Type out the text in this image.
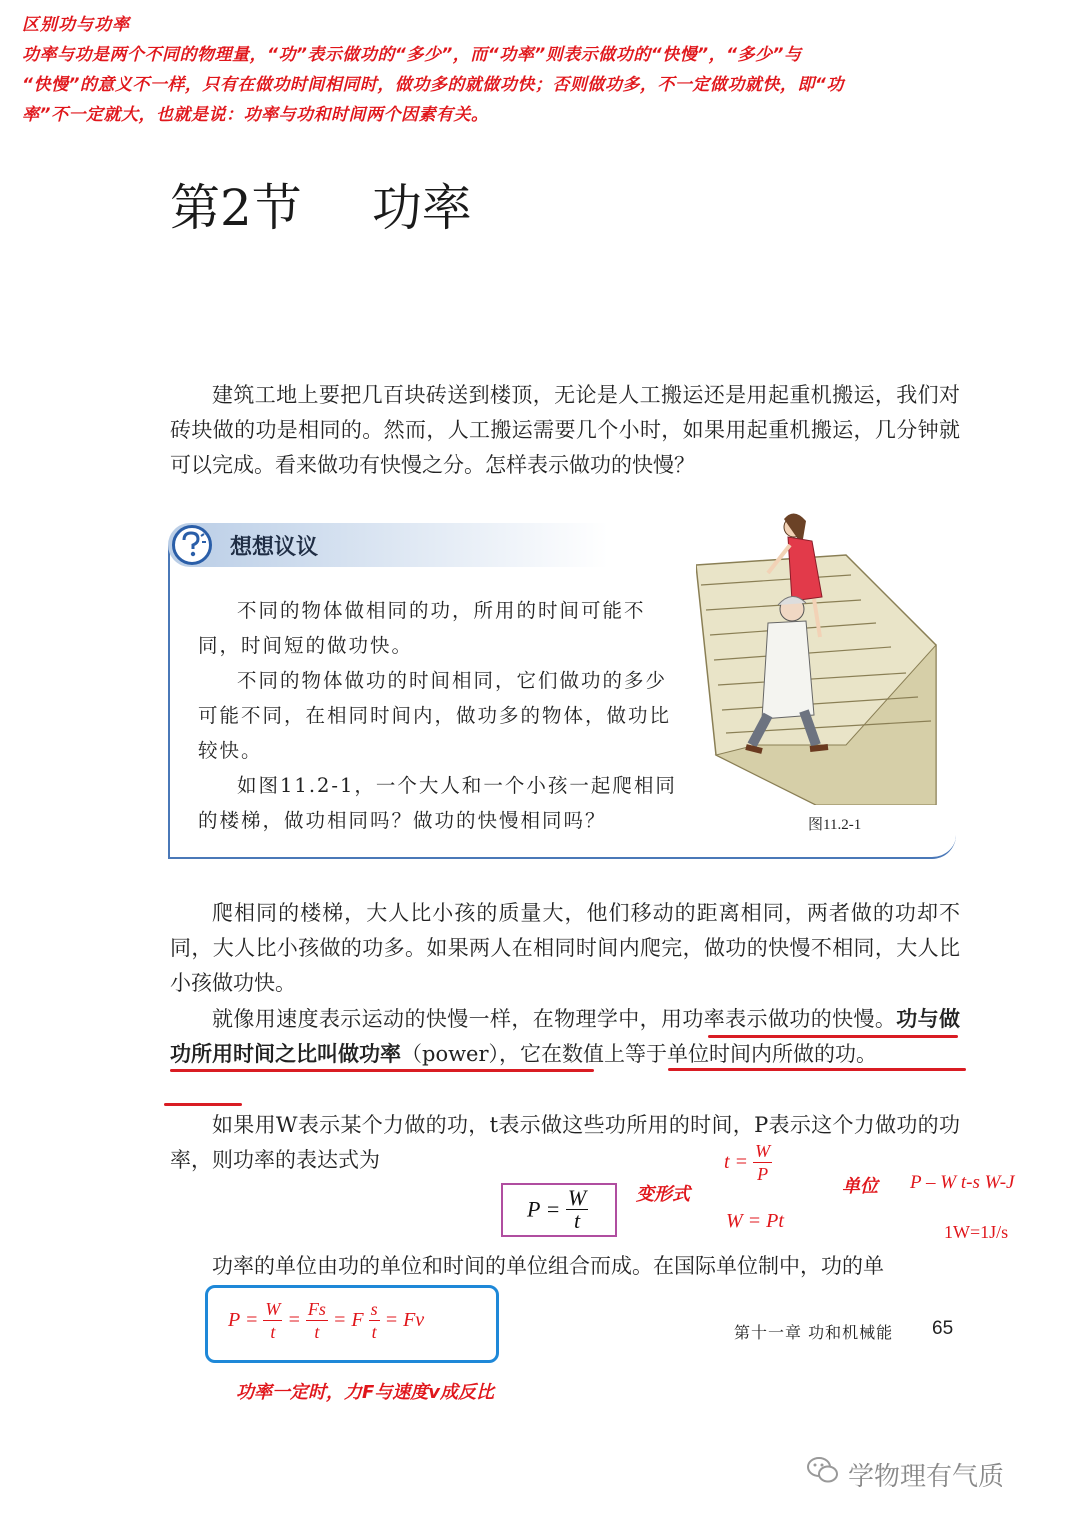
区别功与功率
功率与功是两个不同的物理量，“功”表示做功的“多少”，而“功率”则表示做功的“快慢”，“多少”与
“快慢”的意义不一样，只有在做功时间相同时，做功多的就做功快；否则做功多，不一定做功就快，即“功
率”不一定就大，也就是说：功率与功和时间两个因素有关。
第2节 功率

建筑工地上要把几百块砖送到楼顶，无论是人工搬运还是用起重机搬运，我们对砖块做的功是相同的。然而，人工搬运需要几个小时，如果用起重机搬运，几分钟就可以完成。看来做功有快慢之分。怎样表示做功的快慢？

想想议议

不同的物体做相同的功，所用的时间可能不同，时间短的做功快。

不同的物体做功的时间相同，它们做功的多少可能不同，在相同时间内，做功多的物体，做功比较快。

如图11.2-1，一个大人和一个小孩一起爬相同的楼梯，做功相同吗？做功的快慢相同吗？	图11.2-1

爬相同的楼梯，大人比小孩的质量大，他们移动的距离相同，两者做的功却不同，大人比小孩做的功多。如果两人在相同时间内爬完，做功的快慢不相同，大人比小孩做功快。

就像用速度表示运动的快慢一样，在物理学中，用功率表示做功的快慢。功与做功所用时间之比叫做功率（power），它在数值上等于单位时间内所做的功。

如果用W表示某个力做的功，t表示做这些功所用的时间，P表示这个力做功的功率，则功率的表达式为

$P = \frac{W}{t}$	变形式
$t = \frac{W}{P}$
W = Pt
单位 P – W t-s W-J
1W=1J/s

功率的单位由功的单位和时间的单位组合而成。在国际单位制中，功的单

$P = \frac{W}{t} = \frac{Fs}{t} = F \frac{s}{t} = Fv$
第十一章 功和机械能 65
功率一定时，力F与速度v成反比
学物理有气质
